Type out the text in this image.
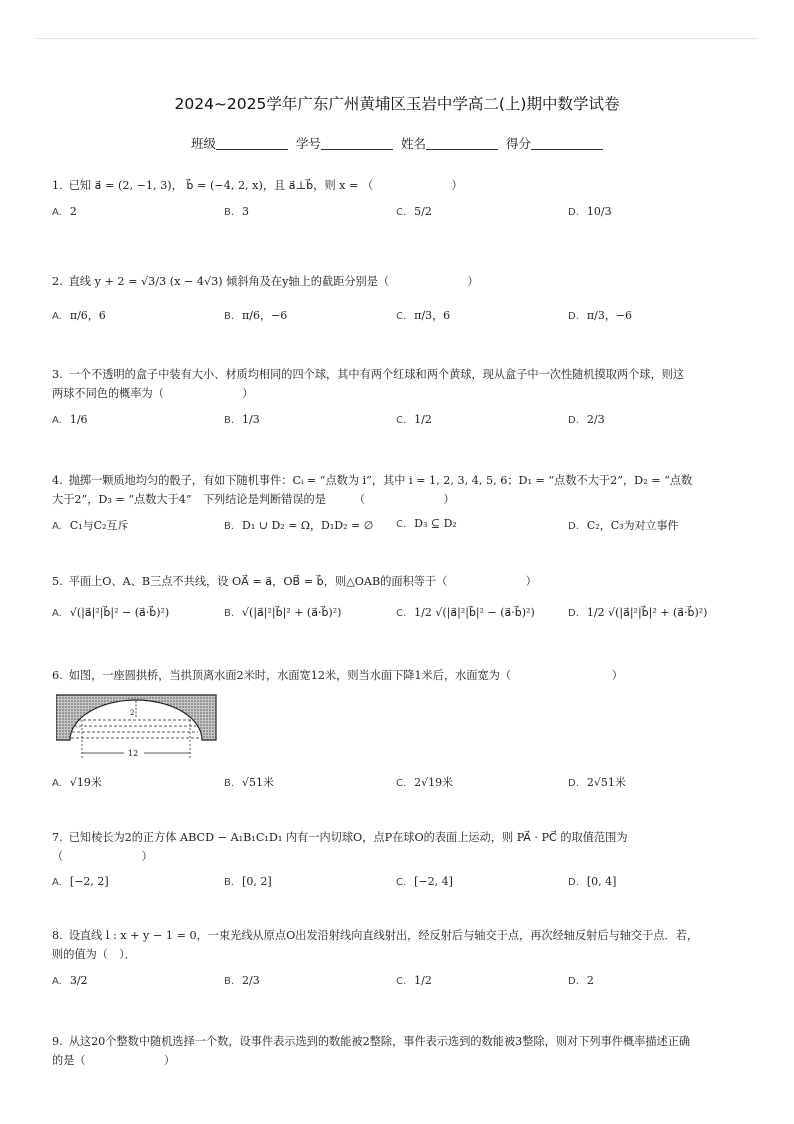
2024~2025学年广东广州黄埔区玉岩中学高二(上)期中数学试卷
班级	学号	姓名	得分
1. 已知 a⃗ = (2, −1, 3)， b⃗ = (−4, 2, x)，且 a⃗⊥b⃗，则 x = （　　　　　　　）
A. 2	B. 3	C. 5/2	D. 10/3
2. 直线 y + 2 = √3/3 (x − 4√3) 倾斜角及在y轴上的截距分别是（　　　　　　　）
A. π/6，6	B. π/6，−6	C. π/3，6	D. π/3，−6
3. 一个不透明的盒子中装有大小、材质均相同的四个球，其中有两个红球和两个黄球，现从盒子中一次性随机摸取两个球，则这
两球不同色的概率为（　　　　　　　）
A. 1/6	B. 1/3	C. 1/2	D. 2/3
4. 抛掷一颗质地均匀的骰子，有如下随机事件：Cᵢ = “点数为 i”，其中 i = 1, 2, 3, 4, 5, 6；D₁ = “点数不大于2”，D₂ = “点数
大于2”，D₃ = “点数大于4”　下列结论是判断错误的是　　　（　　　　　　　）
A. C₁与C₂互斥	B. D₁ ∪ D₂ = Ω，D₁D₂ = ∅ C. D₃ ⊆ D₂	D. C₂，C₃为对立事件
5. 平面上O、A、B三点不共线，设 OA⃗ = a⃗，OB⃗ = b⃗，则△OAB的面积等于（　　　　　　　）
A. √(|a⃗|²|b⃗|² − (a⃗·b⃗)²)	B. √(|a⃗|²|b⃗|² + (a⃗·b⃗)²)	C. 1/2 √(|a⃗|²|b⃗|² − (a⃗·b⃗)²)	D. 1/2 √(|a⃗|²|b⃗|² + (a⃗·b⃗)²)
6. 如图，一座圆拱桥，当拱顶离水面2米时，水面宽12米，则当水面下降1米后，水面宽为（　　　　　　　　　）
2
12
A. √19米	B. √51米	C. 2√19米	D. 2√51米
7. 已知棱长为2的正方体 ABCD − A₁B₁C₁D₁ 内有一内切球O，点P在球O的表面上运动，则 PA⃗ · PC⃗ 的取值范围为
（　　　　　　　）
A. [−2, 2]	B. [0, 2]	C. [−2, 4]	D. [0, 4]
8. 设直线 l : x + y − 1 = 0，一束光线从原点O出发沿射线向直线射出，经反射后与轴交于点，再次经轴反射后与轴交于点．若，
则的值为（　）．
A. 3/2	B. 2/3	C. 1/2	D. 2
9. 从这20个整数中随机选择一个数，设事件表示选到的数能被2整除，事件表示选到的数能被3整除，则对下列事件概率描述正确
的是（　　　　　　　）
